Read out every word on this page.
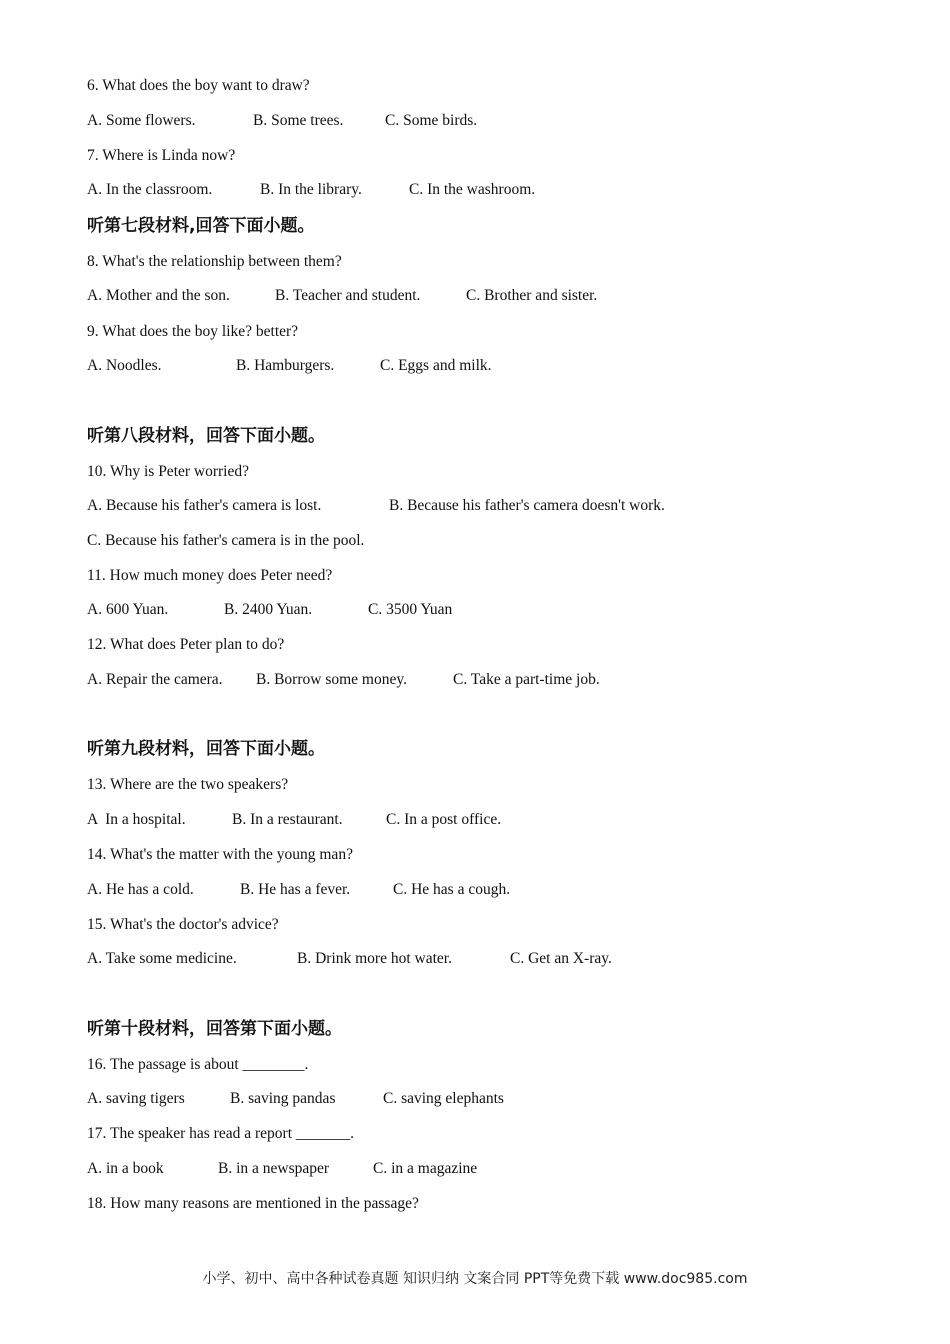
6. What does the boy want to draw?
A. Some flowers.	B. Some trees.	C. Some birds.
7. Where is Linda now?
A. In the classroom.	B. In the library.	C. In the washroom.
听第七段材料,回答下面小题。
8. What's the relationship between them?
A. Mother and the son.	B. Teacher and student.	C. Brother and sister.
9. What does the boy like? better?
A. Noodles.	B. Hamburgers.	C. Eggs and milk.
听第八段材料，回答下面小题。
10. Why is Peter worried?
A. Because his father's camera is lost.	B. Because his father's camera doesn't work.
C. Because his father's camera is in the pool.
11. How much money does Peter need?
A. 600 Yuan.	B. 2400 Yuan.	C. 3500 Yuan
12. What does Peter plan to do?
A. Repair the camera. B. Borrow some money.	C. Take a part-time job.
听第九段材料，回答下面小题。
13. Where are the two speakers?
A  In a hospital.	B. In a restaurant.	C. In a post office.
14. What's the matter with the young man?
A. He has a cold.	B. He has a fever.	C. He has a cough.
15. What's the doctor's advice?
A. Take some medicine.	B. Drink more hot water.	C. Get an X-ray.
听第十段材料，回答第下面小题。
16. The passage is about ________.
A. saving tigers	B. saving pandas	C. saving elephants
17. The speaker has read a report _______.
A. in a book	B. in a newspaper	C. in a magazine
18. How many reasons are mentioned in the passage?
小学、初中、高中各种试卷真题 知识归纳 文案合同 PPT等免费下载 www.doc985.com
